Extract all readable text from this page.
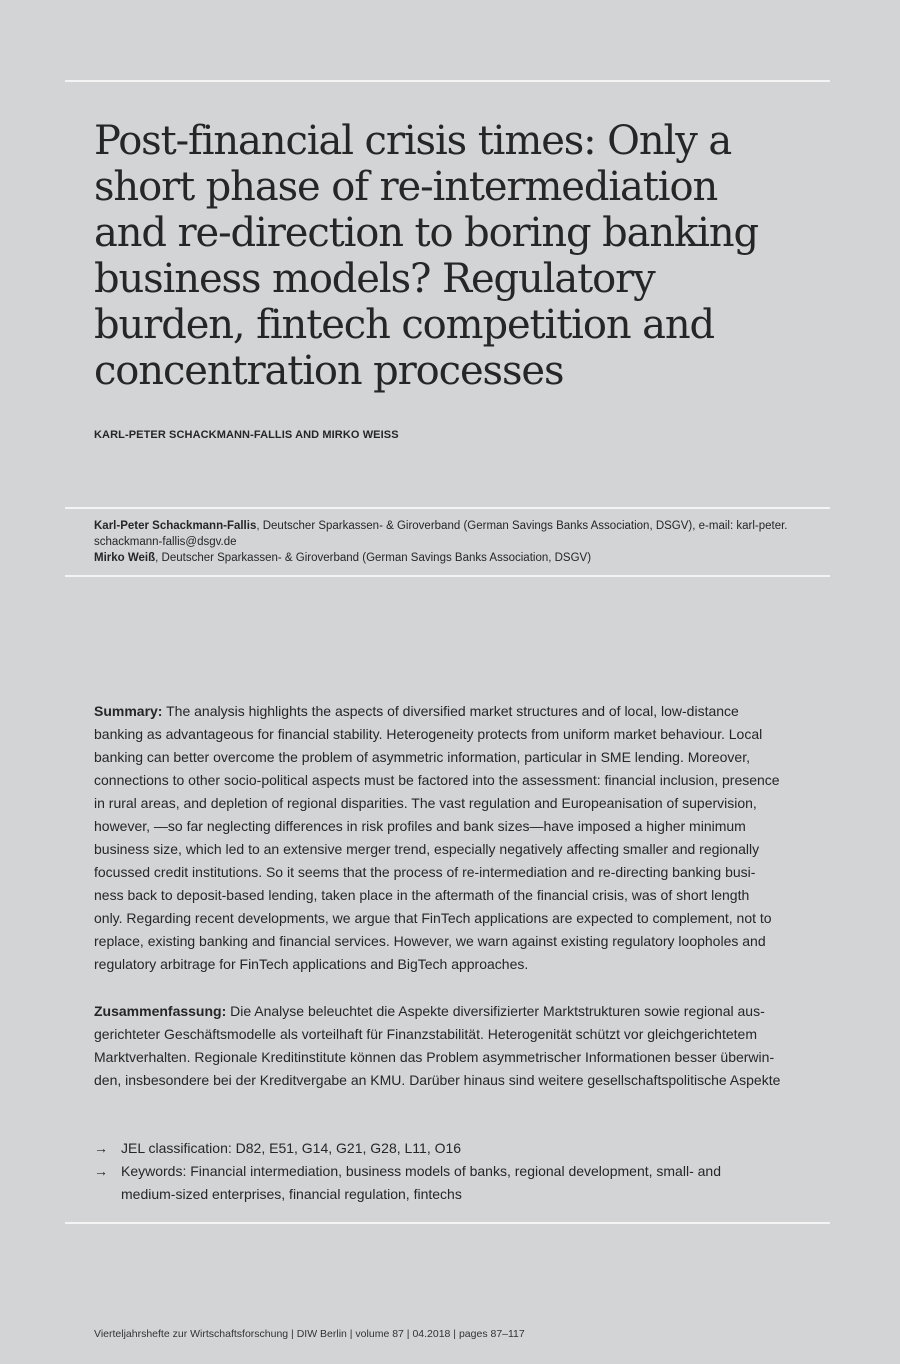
Post-financial crisis times: Only a
short phase of re-intermediation
and re-direction to boring banking
business models? Regulatory
burden, fintech competition and
concentration processes
KARL-PETER SCHACKMANN-FALLIS AND MIRKO WEISS

Karl-Peter Schackmann-Fallis, Deutscher Sparkassen- & Giroverband (German Savings Banks Association, DSGV), e-mail: karl-peter.

schackmann-fallis@dsgv.de

Mirko Weiß, Deutscher Sparkassen- & Giroverband (German Savings Banks Association, DSGV)

Summary: The analysis highlights the aspects of diversified market structures and of local, low-distance
banking as advantageous for financial stability. Heterogeneity protects from uniform market behaviour. Local
banking can better overcome the problem of asymmetric information, particular in SME lending. Moreover,
connections to other socio-political aspects must be factored into the assessment: financial inclusion, presence
in rural areas, and depletion of regional disparities. The vast regulation and Europeanisation of supervision,
however, —so far neglecting differences in risk profiles and bank sizes—have imposed a higher minimum
business size, which led to an extensive merger trend, especially negatively affecting smaller and regionally
focussed credit institutions. So it seems that the process of re-intermediation and re-directing banking busi-
ness back to deposit-based lending, taken place in the aftermath of the financial crisis, was of short length
only. Regarding recent developments, we argue that FinTech applications are expected to complement, not to
replace, existing banking and financial services. However, we warn against existing regulatory loopholes and
regulatory arbitrage for FinTech applications and BigTech approaches.
Zusammenfassung: Die Analyse beleuchtet die Aspekte diversifizierter Marktstrukturen sowie regional aus-
gerichteter Geschäftsmodelle als vorteilhaft für Finanzstabilität. Heterogenität schützt vor gleichgerichtetem
Marktverhalten. Regionale Kreditinstitute können das Problem asymmetrischer Informationen besser überwin-
den, insbesondere bei der Kreditvergabe an KMU. Darüber hinaus sind weitere gesellschaftspolitische Aspekte
→ JEL classification: D82, E51, G14, G21, G28, L11, O16
→ Keywords: Financial intermediation, business models of banks, regional development, small- and
medium-sized enterprises, financial regulation, fintechs
Vierteljahrshefte zur Wirtschaftsforschung | DIW Berlin | volume 87 | 04.2018 | pages 87–117
